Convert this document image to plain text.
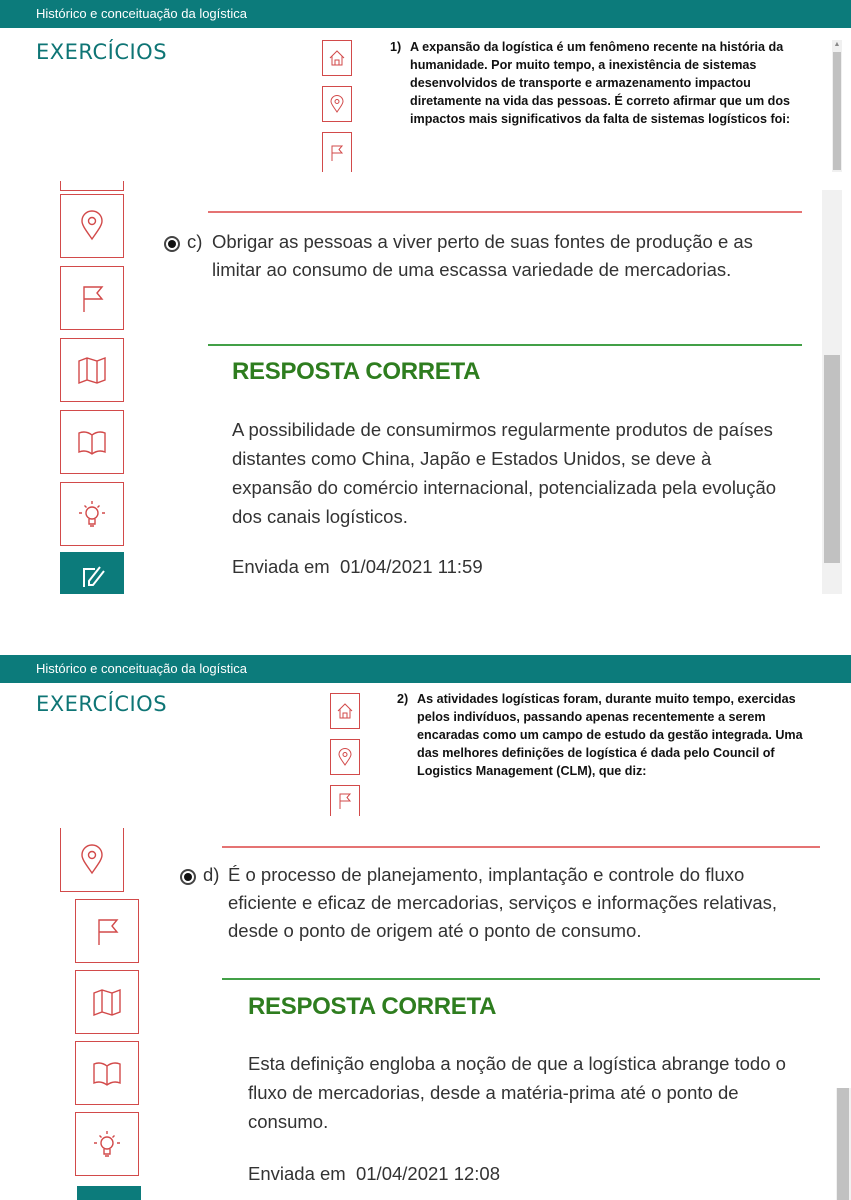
Histórico e conceituação da logística
EXERCÍCIOS	1) A expansão da logística é um fenômeno recente na história da humanidade. Por muito tempo, a inexistência de sistemas desenvolvidos de transporte e armazenamento impactou diretamente na vida das pessoas. É correto afirmar que um dos impactos mais significativos da falta de sistemas logísticos foi:
▲
c) Obrigar as pessoas a viver perto de suas fontes de produção e as limitar ao consumo de uma escassa variedade de mercadorias.
RESPOSTA CORRETA
A possibilidade de consumirmos regularmente produtos de países distantes como China, Japão e Estados Unidos, se deve à expansão do comércio internacional, potencializada pela evolução dos canais logísticos.
Enviada em 01/04/2021 11:59
Histórico e conceituação da logística
EXERCÍCIOS	2) As atividades logísticas foram, durante muito tempo, exercidas pelos indivíduos, passando apenas recentemente a serem encaradas como um campo de estudo da gestão integrada. Uma das melhores definições de logística é dada pelo Council of Logistics Management (CLM), que diz:
d) É o processo de planejamento, implantação e controle do fluxo eficiente e eficaz de mercadorias, serviços e informações relativas, desde o ponto de origem até o ponto de consumo.
RESPOSTA CORRETA
Esta definição engloba a noção de que a logística abrange todo o fluxo de mercadorias, desde a matéria-prima até o ponto de consumo.
Enviada em 01/04/2021 12:08
